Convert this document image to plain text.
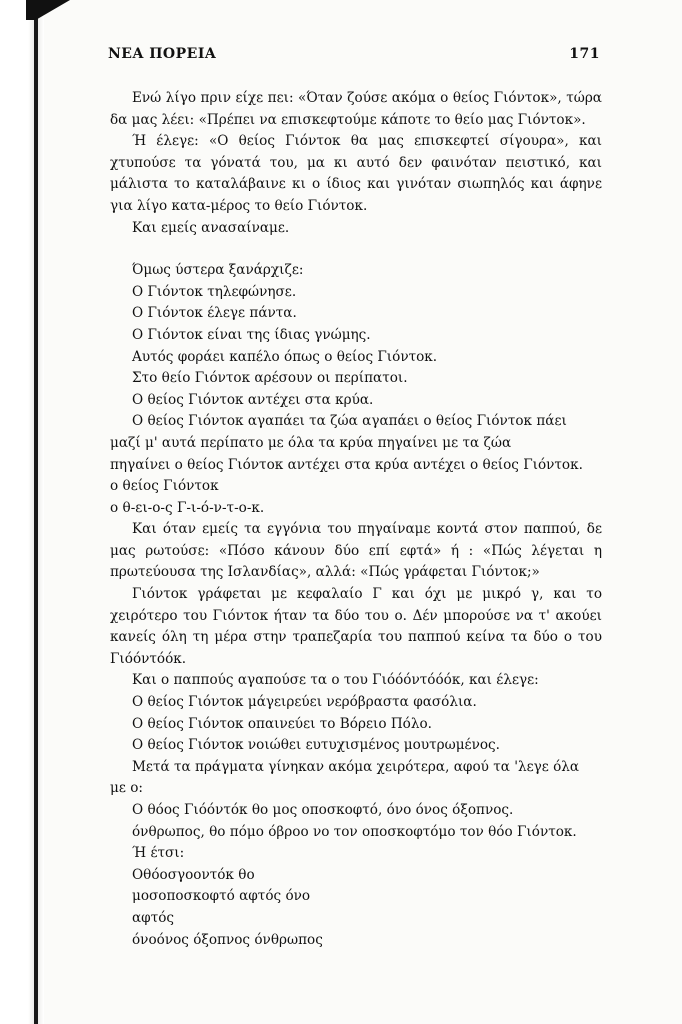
ΝΕΑ ΠΟΡΕΙΑ	171

Ενώ λίγο πριν είχε πει: «Όταν ζούσε ακόμα ο θείος Γιόντοκ», τώρα δα μας λέει: «Πρέπει να επισκεφτούμε κάποτε το θείο μας Γιόντοκ».

Ή έλεγε: «Ο θείος Γιόντοκ θα μας επισκεφτεί σίγουρα», και χτυπούσε τα γόνατά του, μα κι αυτό δεν φαινόταν πειστικό, και μάλιστα το καταλάβαινε κι ο ίδιος και γινόταν σιωπηλός και άφηνε για λίγο κατα-μέρος το θείο Γιόντοκ.

Και εμείς ανασαίναμε.

Όμως ύστερα ξανάρχιζε:

Ο Γιόντοκ τηλεφώνησε.

Ο Γιόντοκ έλεγε πάντα.

Ο Γιόντοκ είναι της ίδιας γνώμης.

Αυτός φοράει καπέλο όπως ο θείος Γιόντοκ.

Στο θείο Γιόντοκ αρέσουν οι περίπατοι.

Ο θείος Γιόντοκ αντέχει στα κρύα.

Ο θείος Γιόντοκ αγαπάει τα ζώα αγαπάει ο θείος Γιόντοκ πάει

μαζί μ' αυτά περίπατο με όλα τα κρύα πηγαίνει με τα ζώα

πηγαίνει ο θείος Γιόντοκ αντέχει στα κρύα αντέχει ο θείος Γιόντοκ.

ο θείος Γιόντοκ

ο θ-ει-ο-ς Γ-ι-ό-ν-τ-ο-κ.

Και όταν εμείς τα εγγόνια του πηγαίναμε κοντά στον παππού, δε μας ρωτούσε: «Πόσο κάνουν δύο επί εφτά» ή : «Πώς λέγεται η πρωτεύουσα της Ισλανδίας», αλλά: «Πώς γράφεται Γιόντοκ;»

Γιόντοκ γράφεται με κεφαλαίο Γ και όχι με μικρό γ, και το χειρότερο του Γιόντοκ ήταν τα δύο του ο. Δέν μπορούσε να τ' ακούει κανείς όλη τη μέρα στην τραπεζαρία του παππού κείνα τα δύο ο του Γιόόντόόκ.

Και ο παππούς αγαπούσε τα ο του Γιόόόντόόόκ, και έλεγε:

Ο θείος Γιόντοκ μάγειρεύει νερόβραστα φασόλια.

Ο θείος Γιόντοκ οπαινεύει το Βόρειο Πόλο.

Ο θείος Γιόντοκ νοιώθει ευτυχισμένος μουτρωμένος.

Μετά τα πράγματα γίνηκαν ακόμα χειρότερα, αφού τα 'λεγε όλα

με ο:

Ο θόος Γιόόντόκ θο μος οποσκοφτό, όνο όνος όξοπνος.

όνθρωπος, θο πόμο όβροο νο τον οποσκοφτόμο τον θόο Γιόντοκ.

Ή έτσι:

Οθόοσγοοντόκ θο

μοσοποσκοφτό αφτός όνο

αφτός

όνοόνος όξοπνος όνθρωπος
